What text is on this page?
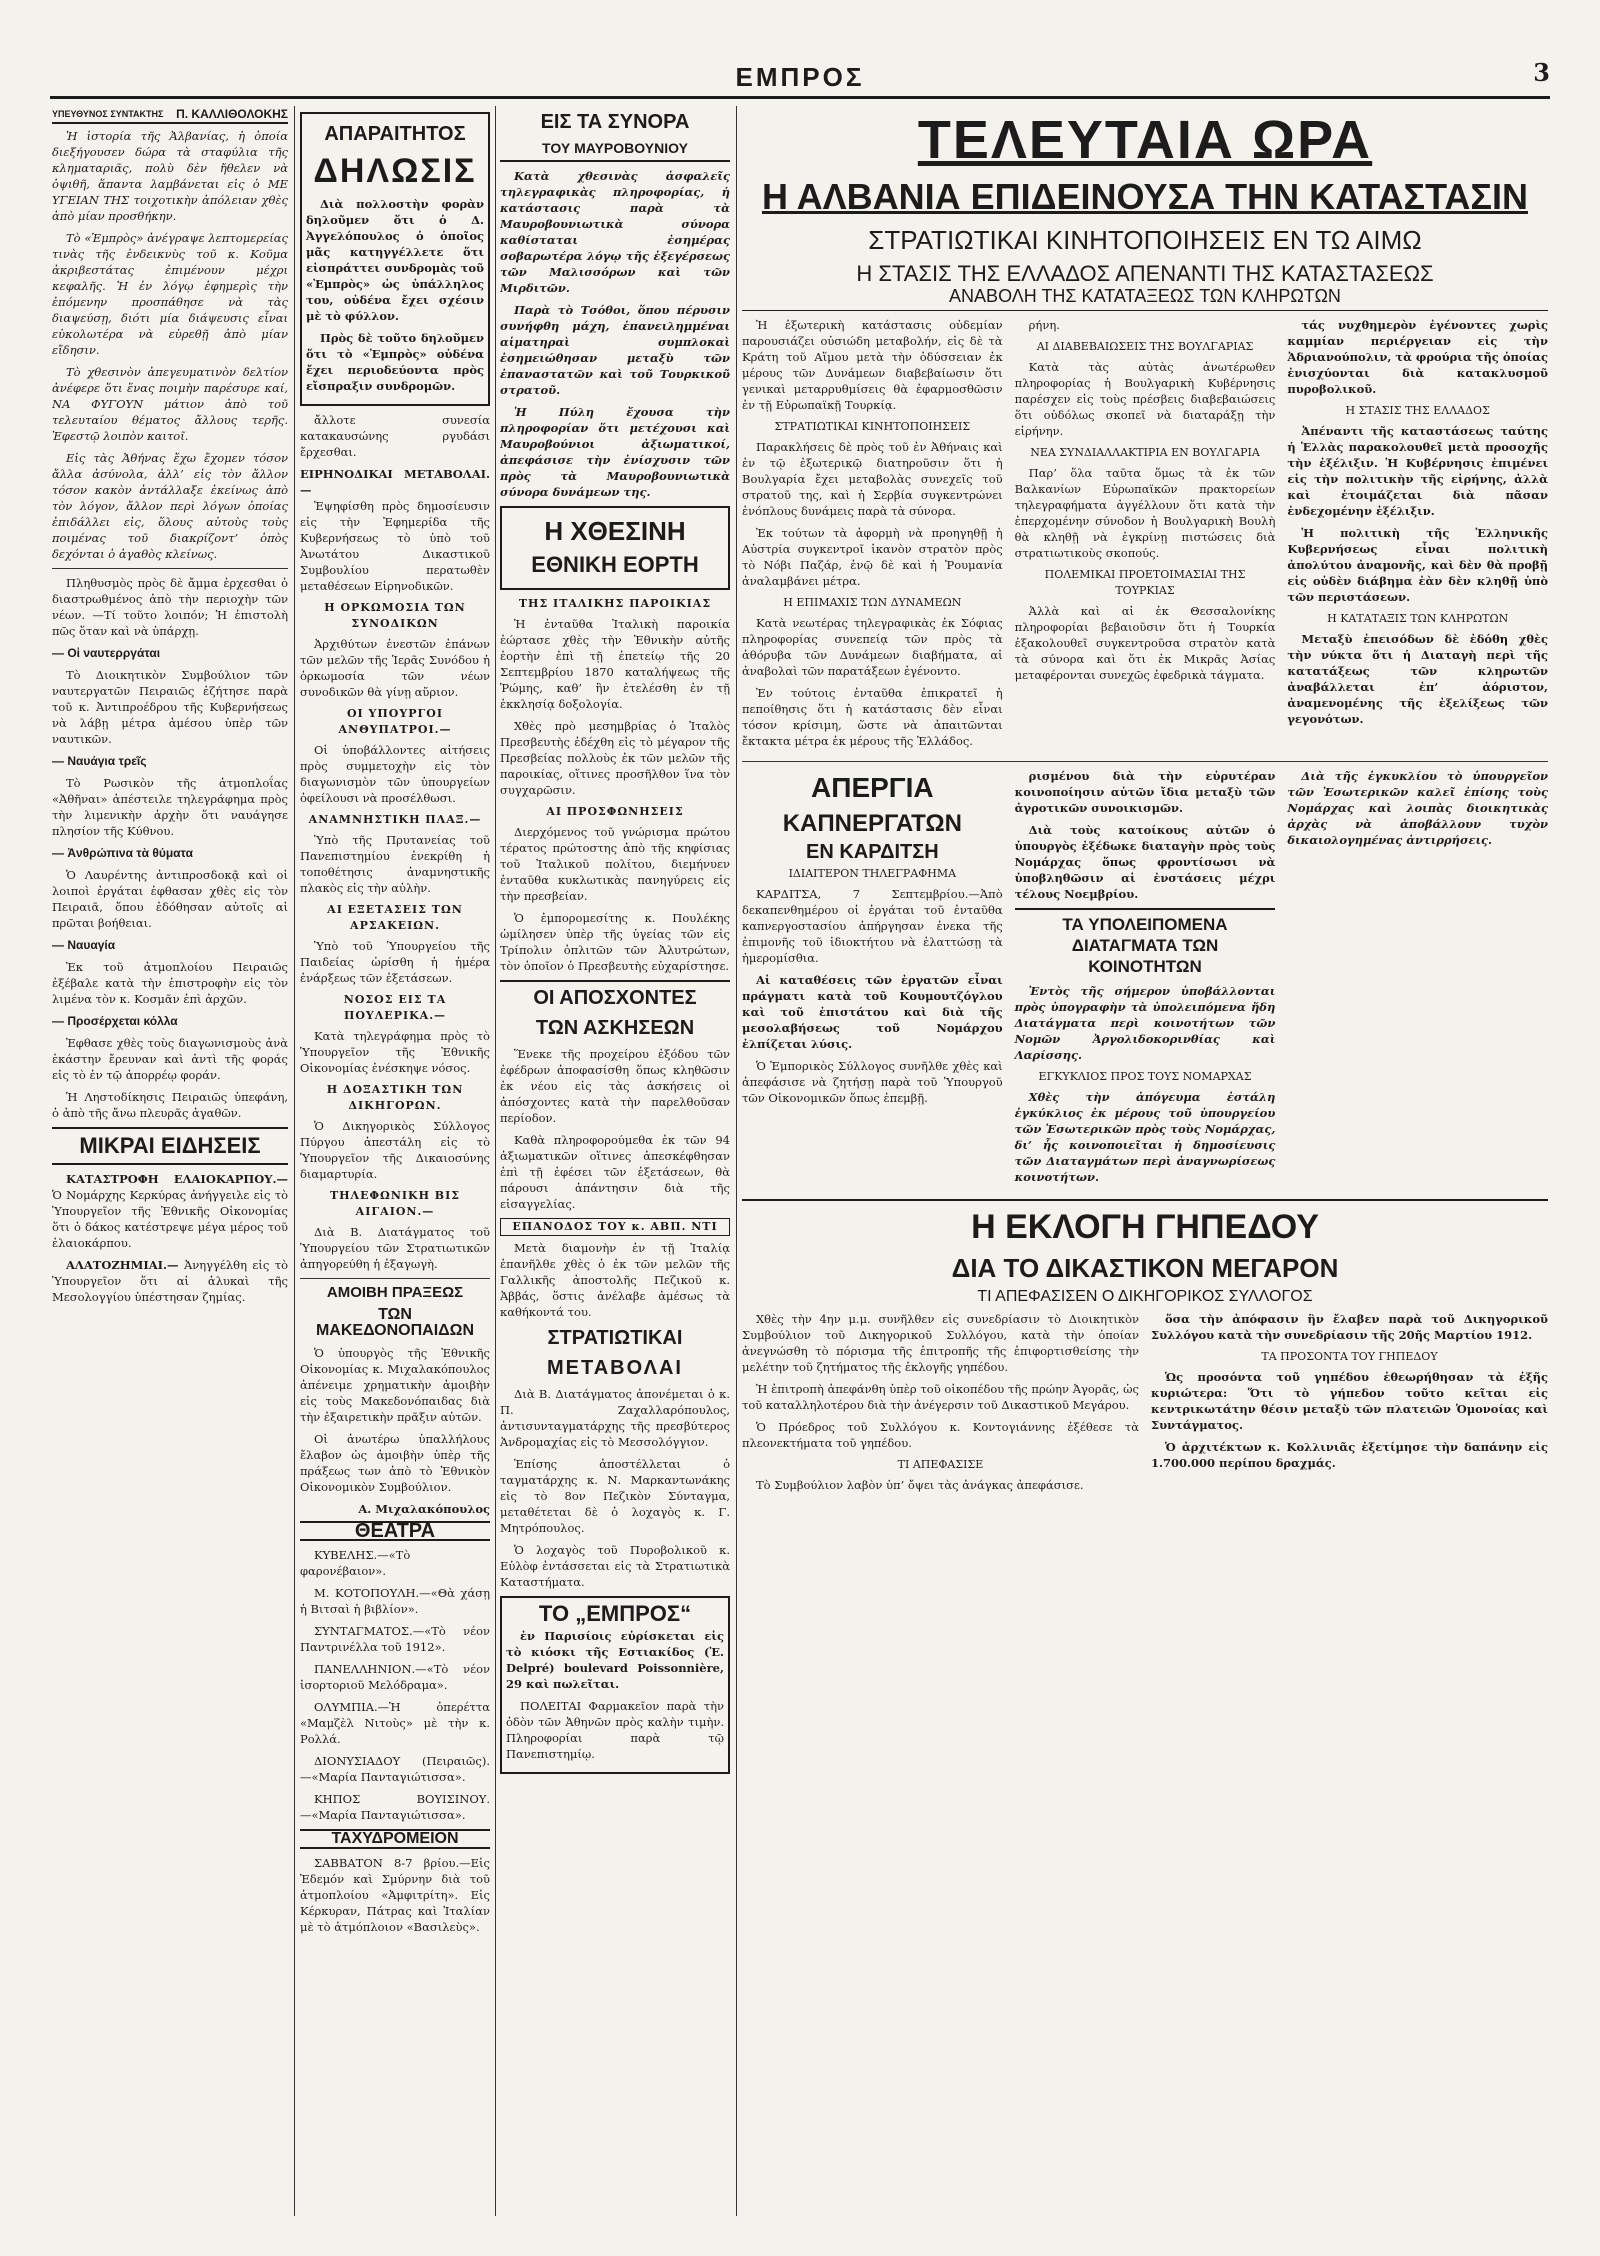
ΕΜΠΡΟΣ	3
ΥΠΕΥΘΥΝΟΣ ΣΥΝΤΑΚΤΗΣ Π. ΚΑΛΛΙΘΟΛΟΚΗΣ

Ἡ ἱστορία τῆς Ἀλβανίας, ἡ ὁποία διεξήγουσεν δώρα τὰ σταφύλια τῆς κληματαριᾶς, πολὺ δὲν ἤθελεν νὰ ὀψιθῆ, ἅπαντα λαμβάνεται εἰς ὁ ΜΕ ΥΓΕΙΑΝ ΤΗΣ τοιχοτικὴν ἀπόλειαν χθὲς ἀπὸ μίαν προσθήκην.

Τὸ «Ἐμπρὸς» ἀνέγραψε λεπτομερείας τινὰς τῆς ἐνδεικνὺς τοῦ κ. Κοῦμα ἀκριβεστάτας ἐπιμένουν μέχρι κεφαλῆς. Ἡ ἐν λόγῳ ἐφημερὶς τὴν ἐπόμενην προσπάθησε νὰ τὰς διαψεύσῃ, διότι μία διάψευσις εἶναι εὐκολωτέρα νὰ εὑρεθῇ ἀπὸ μίαν εἴδησιν.

Τὸ χθεσινὸν ἀπεγευματινὸν δελτίον ἀνέφερε ὅτι ἕνας ποιμὴν παρέσυρε καί, ΝΑ ΦΥΓΟΥΝ μάτιον ἀπὸ τοῦ τελευταίου θέματος ἄλλους τερῆς. Ἐφεστῷ λοιπὸν καιτοῖ.

Εἰς τὰς Ἀθήνας ἔχω ἔχομεν τόσον ἄλλα ἀσύνολα, ἀλλ’ εἰς τὸν ἄλλον τόσον κακὸν ἀντάλλαξε ἐκείνως ἀπὸ τὸν λόγον, ἄλλον περὶ λόγων ὁποίας ἐπιδάλλει εἰς, ὅλους αὐτοὺς τοὺς ποιμένας τοῦ διακρίζοντ’ ὁπὸς δεχόνται ὁ ἀγαθὸς κλείνως.

Πληθυσμὸς πρὸς δὲ ἄμμα ἐρχεσθαι ὁ διαστρωθμένος ἀπὸ τὴν περιοχὴν τῶν νέων. —Τί τοῦτο λοιπόν; Ἡ ἐπιστολὴ πῶς ὅταν καὶ νὰ ὑπάρχῃ.

— Οἱ ναυτερργάται

Τὸ Διοικητικὸν Συμβούλιον τῶν ναυτεργατῶν Πειραιῶς ἐζήτησε παρὰ τοῦ κ. Ἀντιπροέδρου τῆς Κυβερνήσεως νὰ λάβῃ μέτρα ἀμέσου ὑπὲρ τῶν ναυτικῶν.

— Ναυάγια τρεῖς

Τὸ Ρωσικὸν τῆς ἀτμοπλοΐας «Ἀθῆναι» ἀπέστειλε τηλεγράφημα πρὸς τὴν λιμενικὴν ἀρχὴν ὅτι ναυάγησε πλησίον τῆς Κύθνου.

— Ἀνθρώπινα τὰ θύματα

Ὁ Λαυρέντης ἀντιπροσδοκᾷ καὶ οἱ λοιποὶ ἐργάται ἐφθασαν χθὲς εἰς τὸν Πειραιᾶ, ὅπου ἐδόθησαν αὐτοῖς αἱ πρῶται βοήθειαι.

— Ναυαγία

Ἐκ τοῦ ἀτμοπλοίου Πειραιῶς ἐξέβαλε κατὰ τὴν ἐπιστροφὴν εἰς τὸν λιμένα τὸν κ. Κοσμᾶν ἐπὶ ἀρχῶν.

— Προσέρχεται κόλλα

Ἐφθασε χθὲς τοὺς διαγωνισμοὺς ἀνὰ ἑκάστην ἔρευναν καὶ ἀντὶ τῆς φοράς εἰς τὸ ἐν τῷ ἀπορρέῳ φοράν.

Ἡ Ληστοδίκησις Πειραιῶς ὑπεφάνη, ὁ ἀπὸ τῆς ἄνω πλευρᾶς ἀγαθῶν.

ΜΙΚΡΑΙ ΕΙΔΗΣΕΙΣ

ΚΑΤΑΣΤΡΟΦΗ ΕΛΑΙΟΚΑΡΠΟΥ.— Ὁ Νομάρχης Κερκύρας ἀνήγγειλε εἰς τὸ Ὑπουργεῖον τῆς Ἐθνικῆς Οἰκονομίας ὅτι ὁ δάκος κατέστρεψε μέγα μέρος τοῦ ἐλαιοκάρπου.

ΑΛΑΤΟΖΗΜΙΑΙ.— Ἀνηγγέλθη εἰς τὸ Ὑπουργεῖον ὅτι αἱ ἁλυκαὶ τῆς Μεσολογγίου ὑπέστησαν ζημίας.

ΑΠΑΡΑΙΤΗΤΟΣ
ΔΗΛΩΣΙΣ

Διὰ πολλοστὴν φορὰν δηλοῦμεν ὅτι ὁ Δ. Ἀγγελόπουλος ὁ ὁποῖος μᾶς κατηγγέλλετε ὅτι εἰσπράττει συνδρομὰς τοῦ «Ἐμπρὸς» ὡς ὑπάλληλος του, οὐδένα ἔχει σχέσιν μὲ τὸ φύλλον.

Πρὸς δὲ τοῦτο δηλοῦμεν ὅτι τὸ «Ἐμπρὸς» οὐδένα ἔχει περιοδεύοντα πρὸς εἴσπραξιν συνδρομῶν.

ἄλλοτε συνεσία κατακαυσώνης ργυδάσι ἔρχεσθαι.

ΕΙΡΗΝΟΔΙΚΑΙ ΜΕΤΑΒΟΛΑΙ.—

Ἐψηφίσθη πρὸς δημοσίευσιν εἰς τὴν Ἐφημερίδα τῆς Κυβερνήσεως τὸ ὑπὸ τοῦ Ἀνωτάτου Δικαστικοῦ Συμβουλίου περατωθὲν μεταθέσεων Εἰρηνοδικῶν.

Η ΟΡΚΩΜΟΣΙΑ ΤΩΝ ΣΥΝΟΔΙΚΩΝ

Ἀρχιθύτων ἐνεστῶν ἐπάνων τῶν μελῶν τῆς Ἱερᾶς Συνόδου ἡ ὁρκωμοσία τῶν νέων συνοδικῶν θὰ γίνῃ αὔριον.

ΟΙ ΥΠΟΥΡΓΟΙ ΑΝΘΥΠΑΤΡΟΙ.—

Οἱ ὑποβάλλοντες αἰτήσεις πρὸς συμμετοχὴν εἰς τὸν διαγωνισμὸν τῶν ὑπουργείων ὀφείλουσι νὰ προσέλθωσι.

ΑΝΑΜΝΗΣΤΙΚΗ ΠΛΑΞ.—

Ὑπὸ τῆς Πρυτανείας τοῦ Πανεπιστημίου ἐνεκρίθη ἡ τοποθέτησις ἀναμνηστικῆς πλακὸς εἰς τὴν αὐλὴν.

ΑΙ ΕΞΕΤΑΣΕΙΣ ΤΩΝ ΑΡΣΑΚΕΙΩΝ.

Ὑπὸ τοῦ Ὑπουργείου τῆς Παιδείας ὡρίσθη ἡ ἡμέρα ἐνάρξεως τῶν ἐξετάσεων.

ΝΟΣΟΣ ΕΙΣ ΤΑ ΠΟΥΛΕΡΙΚΑ.—

Κατὰ τηλεγράφημα πρὸς τὸ Ὑπουργεῖον τῆς Ἐθνικῆς Οἰκονομίας ἐνέσκηψε νόσος.

Η ΔΟΞΑΣΤΙΚΗ ΤΩΝ ΔΙΚΗΓΟΡΩΝ.

Ὁ Δικηγορικὸς Σύλλογος Πύργου ἀπεστάλη εἰς τὸ Ὑπουργεῖον τῆς Δικαιοσύνης διαμαρτυρία.

ΤΗΛΕΦΩΝΙΚΗ ΒΙΣ ΑΙΓΑΙΟΝ.—

Διὰ Β. Διατάγματος τοῦ Ὑπουργείου τῶν Στρατιωτικῶν ἀπηγορεύθη ἡ ἐξαγωγὴ.

ΑΜΟΙΒΗ ΠΡΑΞΕΩΣ
ΤΩΝ ΜΑΚΕΔΟΝΟΠΑΙΔΩΝ

Ὁ ὑπουργὸς τῆς Ἐθνικῆς Οἰκονομίας κ. Μιχαλακόπουλος ἀπένειμε χρηματικὴν ἀμοιβὴν εἰς τοὺς Μακεδονόπαιδας διὰ τὴν ἐξαιρετικὴν πρᾶξιν αὐτῶν.

Οἱ ἀνωτέρω ὑπαλλήλους ἔλαβον ὡς ἀμοιβὴν ὑπὲρ τῆς πράξεως των ἀπὸ τὸ Ἐθνικὸν Οἰκονομικὸν Συμβούλιον.

Α. Μιχαλακόπουλος
ΘΕΑΤΡΑ

ΚΥΒΕΛΗΣ.—«Τὸ φαρονέβαιον».

Μ. ΚΟΤΟΠΟΥΛΗ.—«Θὰ χάσῃ ἡ Βιτσαὶ ἡ βιβλίον».

ΣΥΝΤΑΓΜΑΤΟΣ.—«Τὸ νέον Παντρινέλλα τοῦ 1912».

ΠΑΝΕΛΛΗΝΙΟΝ.—«Τὸ νέον ἰσορτοριοῦ Μελόδραμα».

ΟΛΥΜΠΙΑ.—Ἡ ὀπερέττα «Μαμζὲλ Νιτοὺς» μὲ τὴν κ. Ρολλά.

ΔΙΟΝΥΣΙΑΔΟΥ (Πειραιῶς).—«Μαρία Πανταγιώτισσα».

ΚΗΠΟΣ ΒΟΥΙΣΙΝΟΥ.—«Μαρία Πανταγιώτισσα».

ΤΑΧΥΔΡΟΜΕΙΟΝ

ΣΑΒΒΑΤΟΝ 8-7 βρίου.—Εἰς Ἐδεμόν καὶ Σμύρνην διὰ τοῦ ἀτμοπλοίου «Ἀμφιτρίτη». Εἰς Κέρκυραν, Πάτρας καὶ Ἰταλίαν μὲ τὸ ἀτμόπλοιον «Βασιλεὺς».

ΕΙΣ ΤΑ ΣΥΝΟΡΑ
ΤΟΥ ΜΑΥΡΟΒΟΥΝΙΟΥ

Κατὰ χθεσινὰς ἀσφαλεῖς τηλεγραφικὰς πληροφορίας, ἡ κατάστασις παρὰ τὰ Μαυροβουνιωτικὰ σύνορα καθίσταται ἐσημέρας σοβαρωτέρα λόγῳ τῆς ἐξεγέρσεως τῶν Μαλισσόρων καὶ τῶν Μιρδιτῶν.

Παρὰ τὸ Τσόθοι, ὅπου πέρυσιν συνήφθη μάχη, ἐπανειλημμέναι αἱματηραὶ συμπλοκαὶ ἐσημειώθησαν μεταξὺ τῶν ἐπαναστατῶν καὶ τοῦ Τουρκικοῦ στρατοῦ.

Ἡ Πύλη ἔχουσα τὴν πληροφορίαν ὅτι μετέχουσι καὶ Μαυροβούνιοι ἀξιωματικοί, ἀπεφάσισε τὴν ἐνίσχυσιν τῶν πρὸς τὰ Μαυροβουνιωτικὰ σύνορα δυνάμεων της.

Η ΧΘΕΣΙΝΗ
ΕΘΝΙΚΗ ΕΟΡΤΗ
ΤΗΣ ΙΤΑΛΙΚΗΣ ΠΑΡΟΙΚΙΑΣ

Ἡ ἐνταῦθα Ἰταλικὴ παροικία ἑώρτασε χθὲς τὴν Ἐθνικὴν αὐτῆς ἑορτὴν ἐπὶ τῇ ἐπετείῳ τῆς 20 Σεπτεμβρίου 1870 καταλήψεως τῆς Ῥώμης, καθ’ ἣν ἐτελέσθη ἐν τῇ ἐκκλησίᾳ δοξολογία.

Χθὲς πρὸ μεσημβρίας ὁ Ἰταλὸς Πρεσβευτὴς ἐδέχθη εἰς τὸ μέγαρον τῆς Πρεσβείας πολλοὺς ἐκ τῶν μελῶν τῆς παροικίας, οἵτινες προσῆλθον ἵνα τὸν συγχαρῶσιν.

ΑΙ ΠΡΟΣΦΩΝΗΣΕΙΣ

Διερχόμενος τοῦ γνώρισμα πρώτου τέρατος πρώτοστης ἀπὸ τῆς κηφίσιας τοῦ Ἰταλικοῦ πολίτου, διεμήνυεν ἐνταῦθα κυκλωτικὰς πανηγύρεις εἰς τὴν πρεσβείαν.

Ὁ ἐμπορομεσίτης κ. Πουλέκης ὡμίλησεν ὑπὲρ τῆς ὑγείας τῶν εἰς Τρίπολιν ὁπλιτῶν τῶν Ἀλυτρώτων, τὸν ὁποῖον ὁ Πρεσβευτὴς εὐχαρίστησε.

ΟΙ ΑΠΟΣΧΟΝΤΕΣ
ΤΩΝ ΑΣΚΗΣΕΩΝ

Ἕνεκε τῆς προχείρου ἐξόδου τῶν ἐφέδρων ἀποφασίσθη ὅπως κληθῶσιν ἐκ νέου εἰς τὰς ἀσκήσεις οἱ ἀπόσχοντες κατὰ τὴν παρελθοῦσαν περίοδον.

Καθὰ πληροφορούμεθα ἐκ τῶν 94 ἀξιωματικῶν οἵτινες ἀπεσκέφθησαν ἐπὶ τῇ ἐφέσει τῶν ἐξετάσεων, θὰ πάρουσι ἀπάντησιν διὰ τῆς εἰσαγγελίας.

ΕΠΑΝΟΔΟΣ ΤΟΥ κ. ΑΒΠ. ΝΤΙ

Μετὰ διαμονὴν ἐν τῇ Ἰταλίᾳ ἐπανῆλθε χθὲς ὁ ἐκ τῶν μελῶν τῆς Γαλλικῆς ἀποστολῆς Πεζικοῦ κ. Ἀββάς, ὅστις ἀνέλαβε ἀμέσως τὰ καθήκοντά του.

ΣΤΡΑΤΙΩΤΙΚΑΙ
ΜΕΤΑΒΟΛΑΙ

Διὰ Β. Διατάγματος ἀπονέμεται ὁ κ. Π. Ζαχαλλαρόπουλος, ἀντισυνταγματάρχης τῆς πρεσβύτερος Ἀνδρομαχίας εἰς τὸ Μεσσολόγγιον.

Ἐπίσης ἀποστέλλεται ὁ ταγματάρχης κ. Ν. Μαρκαντωνάκης εἰς τὸ 8ον Πεζικὸν Σύνταγμα, μεταθέτεται δὲ ὁ λοχαγὸς κ. Γ. Μητρόπουλος.

Ὁ λοχαγὸς τοῦ Πυροβολικοῦ κ. Εὐλὸφ ἐντάσσεται εἰς τὰ Στρατιωτικὰ Καταστήματα.

ΤΟ „ΕΜΠΡΟΣ“

ἐν Παρισίοις εὑρίσκεται εἰς τὸ κιόσκι τῆς Εστιακίδος (Ἐ. Delpré) boulevard Poissonnière, 29 καὶ πωλεῖται.

ΠΟΛΕΙΤΑΙ Φαρμακεῖον παρὰ τὴν ὁδὸν τῶν Ἀθηνῶν πρὸς καλὴν τιμὴν. Πληροφορίαι παρὰ τῷ Πανεπιστημίῳ.

ΤΕΛΕΥΤΑΙΑ ΩΡΑ
Η ΑΛΒΑΝΙΑ ΕΠΙΔΕΙΝΟΥΣΑ ΤΗΝ ΚΑΤΑΣΤΑΣΙΝ
ΣΤΡΑΤΙΩΤΙΚΑΙ ΚΙΝΗΤΟΠΟΙΗΣΕΙΣ ΕΝ ΤΩ ΑΙΜΩ
Η ΣΤΑΣΙΣ ΤΗΣ ΕΛΛΑΔΟΣ ΑΠΕΝΑΝΤΙ ΤΗΣ ΚΑΤΑΣΤΑΣΕΩΣ
ΑΝΑΒΟΛΗ ΤΗΣ ΚΑΤΑΤΑΞΕΩΣ ΤΩΝ ΚΛΗΡΩΤΩΝ

Ἡ ἐξωτερικὴ κατάστασις οὐδεμίαν παρουσιάζει οὐσιώδη μεταβολήν, εἰς δὲ τὰ Κράτη τοῦ Αἵμου μετὰ τὴν ὁδύσσειαν ἐκ μέρους τῶν Δυνάμεων διαβεβαίωσιν ὅτι γενικαὶ μεταρρυθμίσεις θὰ ἐφαρμοσθῶσιν ἐν τῇ Εὐρωπαϊκῇ Τουρκίᾳ.

ΣΤΡΑΤΙΩΤΙΚΑΙ ΚΙΝΗΤΟΠΟΙΗΣΕΙΣ

Παρακλήσεις δὲ πρὸς τοῦ ἐν Ἀθήναις καὶ ἐν τῷ ἐξωτερικῷ διατηροῦσιν ὅτι ἡ Βουλγαρία ἔχει μεταβολὰς συνεχεῖς τοῦ στρατοῦ της, καὶ ἡ Σερβία συγκεντρώνει ἐνόπλους δυνάμεις παρὰ τὰ σύνορα.

Ἐκ τούτων τὰ ἀφορμὴ νὰ προηγηθῇ ἡ Αὐστρία συγκεντροῖ ἱκανὸν στρατὸν πρὸς τὸ Νόβι Παζάρ, ἐνῷ δὲ καὶ ἡ Ῥουμανία ἀναλαμβάνει μέτρα.

Η ΕΠΙΜΑΧΙΣ ΤΩΝ ΔΥΝΑΜΕΩΝ

Κατὰ νεωτέρας τηλεγραφικὰς ἐκ Σόφιας πληροφορίας συνεπείᾳ τῶν πρὸς τὰ ἀθόρυβα τῶν Δυνάμεων διαβήματα, αἱ ἀναβολαὶ τῶν παρατάξεων ἐγένοντο.

Ἐν τούτοις ἐνταῦθα ἐπικρατεῖ ἡ πεποίθησις ὅτι ἡ κατάστασις δὲν εἶναι τόσον κρίσιμη, ὥστε νὰ ἀπαιτῶνται ἔκτακτα μέτρα ἐκ μέρους τῆς Ἑλλάδος.

ρήνη.

ΑΙ ΔΙΑΒΕΒΑΙΩΣΕΙΣ ΤΗΣ ΒΟΥΛΓΑΡΙΑΣ

Κατὰ τὰς αὐτὰς ἀνωτέρωθεν πληροφορίας ἡ Βουλγαρικὴ Κυβέρνησις παρέσχεν εἰς τοὺς πρέσβεις διαβεβαιώσεις ὅτι οὐδόλως σκοπεῖ νὰ διαταράξῃ τὴν εἰρήνην.

ΝΕΑ ΣΥΝΔΙΑΛΛΑΚΤΙΡΙΑ ΕΝ ΒΟΥΛΓΑΡΙΑ

Παρ’ ὅλα ταῦτα ὅμως τὰ ἐκ τῶν Βαλκανίων Εὐρωπαϊκῶν πρακτορείων τηλεγραφήματα ἀγγέλλουν ὅτι κατὰ τὴν ἐπερχομένην σύνοδον ἡ Βουλγαρικὴ Βουλὴ θὰ κληθῇ νὰ ἐγκρίνῃ πιστώσεις διὰ στρατιωτικοὺς σκοπούς.

ΠΟΛΕΜΙΚΑΙ ΠΡΟΕΤΟΙΜΑΣΙΑΙ ΤΗΣ ΤΟΥΡΚΙΑΣ

Ἀλλὰ καὶ αἱ ἐκ Θεσσαλονίκης πληροφορίαι βεβαιοῦσιν ὅτι ἡ Τουρκία ἐξακολουθεῖ συγκεντροῦσα στρατὸν κατὰ τὰ σύνορα καὶ ὅτι ἐκ Μικρᾶς Ἀσίας μεταφέρονται συνεχῶς ἐφεδρικὰ τάγματα.

τάς νυχθημερὸν ἐγένοντες χωρὶς καμμίαν περιέργειαν εἰς τὴν Ἀδριανούπολιν, τὰ φρούρια τῆς ὁποίας ἐνισχύονται διὰ κατακλυσμοῦ πυροβολικοῦ.

Η ΣΤΑΣΙΣ ΤΗΣ ΕΛΛΑΔΟΣ

Ἀπέναντι τῆς καταστάσεως ταύτης ἡ Ἑλλὰς παρακολουθεῖ μετὰ προσοχῆς τὴν ἐξέλιξιν. Ἡ Κυβέρνησις ἐπιμένει εἰς τὴν πολιτικὴν τῆς εἰρήνης, ἀλλὰ καὶ ἑτοιμάζεται διὰ πᾶσαν ἐνδεχομένην ἐξέλιξιν.

Ἡ πολιτικὴ τῆς Ἑλληνικῆς Κυβερνήσεως εἶναι πολιτικὴ ἀπολύτου ἀναμονῆς, καὶ δὲν θὰ προβῇ εἰς οὐδὲν διάβημα ἐὰν δὲν κληθῇ ὑπὸ τῶν περιστάσεων.

Η ΚΑΤΑΤΑΞΙΣ ΤΩΝ ΚΛΗΡΩΤΩΝ

Μεταξὺ ἐπεισόδων δὲ ἐδόθη χθὲς τὴν νύκτα ὅτι ἡ Διαταγὴ περὶ τῆς κατατάξεως τῶν κληρωτῶν ἀναβάλλεται ἐπ’ ἀόριστον, ἀναμενομένης τῆς ἐξελίξεως τῶν γεγονότων.

ΑΠΕΡΓΙΑ
ΚΑΠΝΕΡΓΑΤΩΝ
ΕΝ ΚΑΡΔΙΤΣΗ
ΙΔΙΑΙΤΕΡΟΝ ΤΗΛΕΓΡΑΦΗΜΑ

ΚΑΡΔΙΤΣΑ, 7 Σεπτεμβρίου.—Ἀπὸ δεκαπενθημέρου οἱ ἐργάται τοῦ ἐνταῦθα καπνεργοστασίου ἀπήργησαν ἐνεκα τῆς ἐπιμονῆς τοῦ ἰδιοκτήτου νὰ ἐλαττώσῃ τὰ ἡμερομίσθια.

Αἱ καταθέσεις τῶν ἐργατῶν εἶναι πράγματι κατὰ τοῦ Κουμουτζόγλου καὶ τοῦ ἐπιστάτου καὶ διὰ τῆς μεσολαβήσεως τοῦ Νομάρχου ἐλπίζεται λύσις.

Ὁ Ἐμπορικὸς Σύλλογος συνῆλθε χθὲς καὶ ἀπεφάσισε νὰ ζητήσῃ παρὰ τοῦ Ὑπουργοῦ τῶν Οἰκονομικῶν ὅπως ἐπεμβῇ.

ρισμένου διὰ τὴν εὐρυτέραν κοινοποίησιν αὐτῶν ἴδια μεταξὺ τῶν ἀγροτικῶν συνοικισμῶν.

Διὰ τοὺς κατοίκους αὐτῶν ὁ ὑπουργὸς ἐξέδωκε διαταγὴν πρὸς τοὺς Νομάρχας ὅπως φροντίσωσι νὰ ὑποβληθῶσιν αἱ ἐνστάσεις μέχρι τέλους Νοεμβρίου.

ΤΑ ΥΠΟΛΕΙΠΟΜΕΝΑ ΔΙΑΤΑΓΜΑΤΑ ΤΩΝ ΚΟΙΝΟΤΗΤΩΝ

Ἐντὸς τῆς σήμερον ὑποβάλλονται πρὸς ὑπογραφὴν τὰ ὑπολειπόμενα ἤδη Διατάγματα περὶ κοινοτήτων τῶν Νομῶν Ἀργολιδοκορινθίας καὶ Λαρίσσης.

ΕΓΚΥΚΛΙΟΣ ΠΡΟΣ ΤΟΥΣ ΝΟΜΑΡΧΑΣ

Χθὲς τὴν ἀπόγευμα ἐστάλη ἐγκύκλιος ἐκ μέρους τοῦ ὑπουργείου τῶν Ἐσωτερικῶν πρὸς τοὺς Νομάρχας, δι’ ἧς κοινοποιεῖται ἡ δημοσίευσις τῶν Διαταγμάτων περὶ ἀναγνωρίσεως κοινοτήτων.

Διὰ τῆς ἐγκυκλίου τὸ ὑπουργεῖον τῶν Ἐσωτερικῶν καλεῖ ἐπίσης τοὺς Νομάρχας καὶ λοιπὰς διοικητικὰς ἀρχὰς νὰ ἀποβάλλουν τυχὸν δικαιολογημένας ἀντιρρήσεις.

Η ΕΚΛΟΓΗ ΓΗΠΕΔΟΥ
ΔΙΑ ΤΟ ΔΙΚΑΣΤΙΚΟΝ ΜΕΓΑΡΟΝ
ΤΙ ΑΠΕΦΑΣΙΣΕΝ Ο ΔΙΚΗΓΟΡΙΚΟΣ ΣΥΛΛΟΓΟΣ

Χθὲς τὴν 4ην μ.μ. συνῆλθεν εἰς συνεδρίασιν τὸ Διοικητικὸν Συμβούλιον τοῦ Δικηγορικοῦ Συλλόγου, κατὰ τὴν ὁποίαν ἀνεγνώσθη τὸ πόρισμα τῆς ἐπιτροπῆς τῆς ἐπιφορτισθείσης τὴν μελέτην τοῦ ζητήματος τῆς ἐκλογῆς γηπέδου.

Ἡ ἐπιτροπὴ ἀπεφάνθη ὑπὲρ τοῦ οἰκοπέδου τῆς πρώην Ἀγορᾶς, ὡς τοῦ καταλληλοτέρου διὰ τὴν ἀνέγερσιν τοῦ Δικαστικοῦ Μεγάρου.

Ὁ Πρόεδρος τοῦ Συλλόγου κ. Κοντογιάννης ἐξέθεσε τὰ πλεονεκτήματα τοῦ γηπέδου.

ΤΙ ΑΠΕΦΑΣΙΣΕ

Τὸ Συμβούλιον λαβὸν ὑπ’ ὄψει τὰς ἀνάγκας ἀπεφάσισε.

ὅσα τὴν ἀπόφασιν ἣν ἔλαβεν παρὰ τοῦ Δικηγορικοῦ Συλλόγου κατὰ τὴν συνεδρίασιν τῆς 20ῆς Μαρτίου 1912.

ΤΑ ΠΡΟΣΟΝΤΑ ΤΟΥ ΓΗΠΕΔΟΥ

Ὡς προσόντα τοῦ γηπέδου ἐθεωρήθησαν τὰ ἑξῆς κυριώτερα: Ὅτι τὸ γήπεδον τοῦτο κεῖται εἰς κεντρικωτάτην θέσιν μεταξὺ τῶν πλατειῶν Ὁμονοίας καὶ Συντάγματος.

Ὁ ἀρχιτέκτων κ. Κολλινιᾶς ἐξετίμησε τὴν δαπάνην εἰς 1.700.000 περίπου δραχμάς.
